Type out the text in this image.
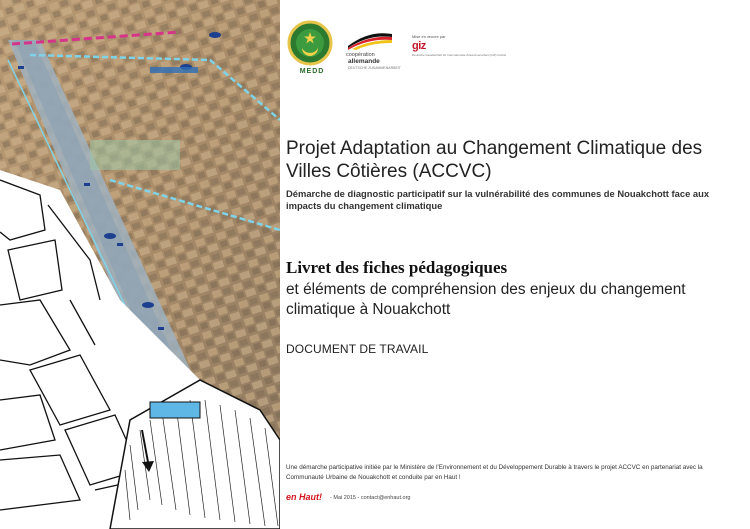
MEDD
coopération
allemande
DEUTSCHE ZUSAMMENARBEIT
Mise en œuvre par
giz
Deutsche Gesellschaft für Internationale Zusammenarbeit (GIZ) GmbH
Projet Adaptation au Changement Climatique des Villes Côtières (ACCVC)

Démarche de diagnostic participatif sur la vulnérabilité des communes de Nouakchott face aux impacts du changement climatique

Livret des fiches pédagogiques

et éléments de compréhension des enjeux du changement climatique à Nouakchott

DOCUMENT DE TRAVAIL

Une démarche participative initiée par le Ministère de l'Environnement et du Développement Durable à travers le projet ACCVC en partenariat avec la Communauté Urbaine de Nouakchott et conduite par en Haut !

en Haut! - Mai 2015 - contact@enhaut.org
